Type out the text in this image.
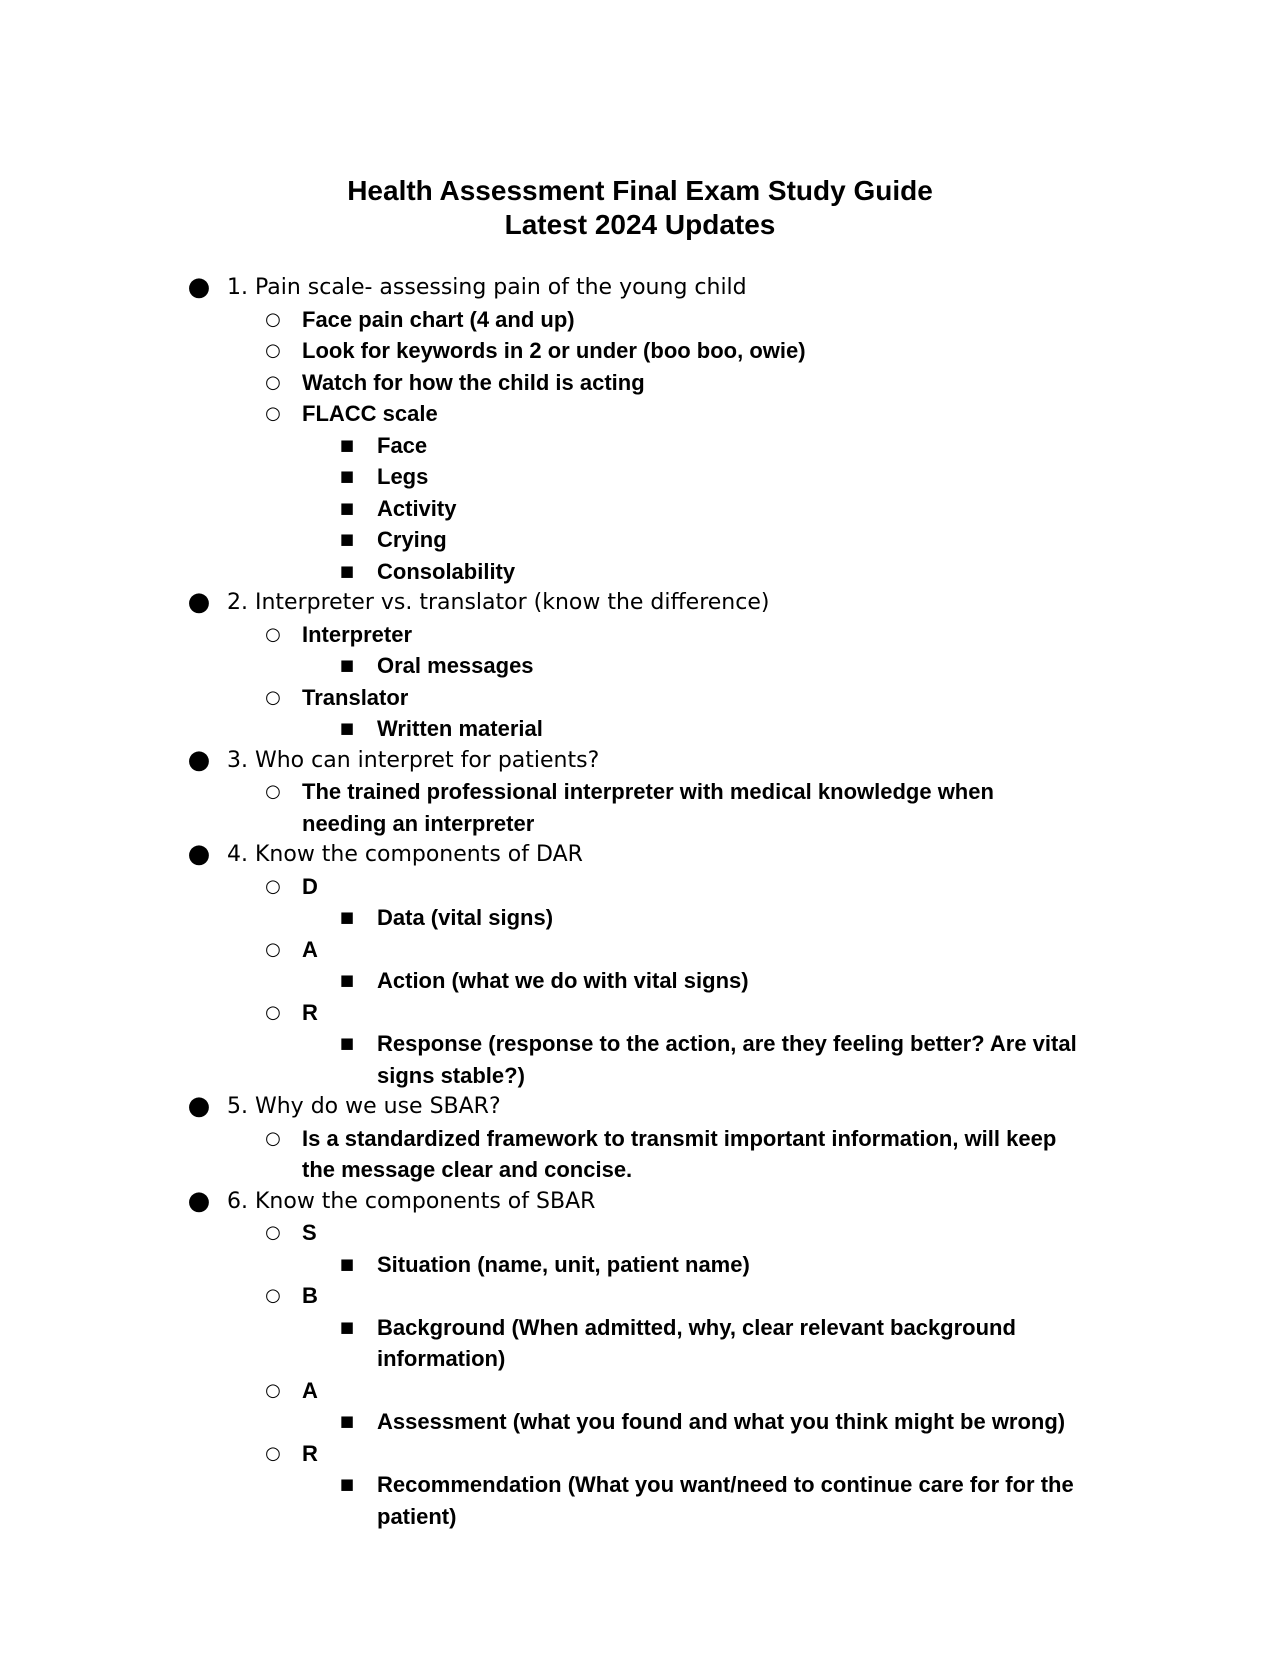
Health Assessment Final Exam Study Guide
Latest 2024 Updates
● 1. Pain scale- assessing pain of the young child
○ Face pain chart (4 and up)
○ Look for keywords in 2 or under (boo boo, owie)
○ Watch for how the child is acting
○ FLACC scale
■ Face
■ Legs
■ Activity
■ Crying
■ Consolability
● 2. Interpreter vs. translator (know the difference)
○ Interpreter
■ Oral messages
○ Translator
■ Written material
● 3. Who can interpret for patients?
○ The trained professional interpreter with medical knowledge when needing an interpreter
● 4. Know the components of DAR
○ D
■ Data (vital signs)
○ A
■ Action (what we do with vital signs)
○ R
■ Response (response to the action, are they feeling better? Are vital signs stable?)
● 5. Why do we use SBAR?
○ Is a standardized framework to transmit important information, will keep the message clear and concise.
● 6. Know the components of SBAR
○ S
■ Situation (name, unit, patient name)
○ B
■ Background (When admitted, why, clear relevant background information)
○ A
■ Assessment (what you found and what you think might be wrong)
○ R
■ Recommendation (What you want/need to continue care for for the patient)
